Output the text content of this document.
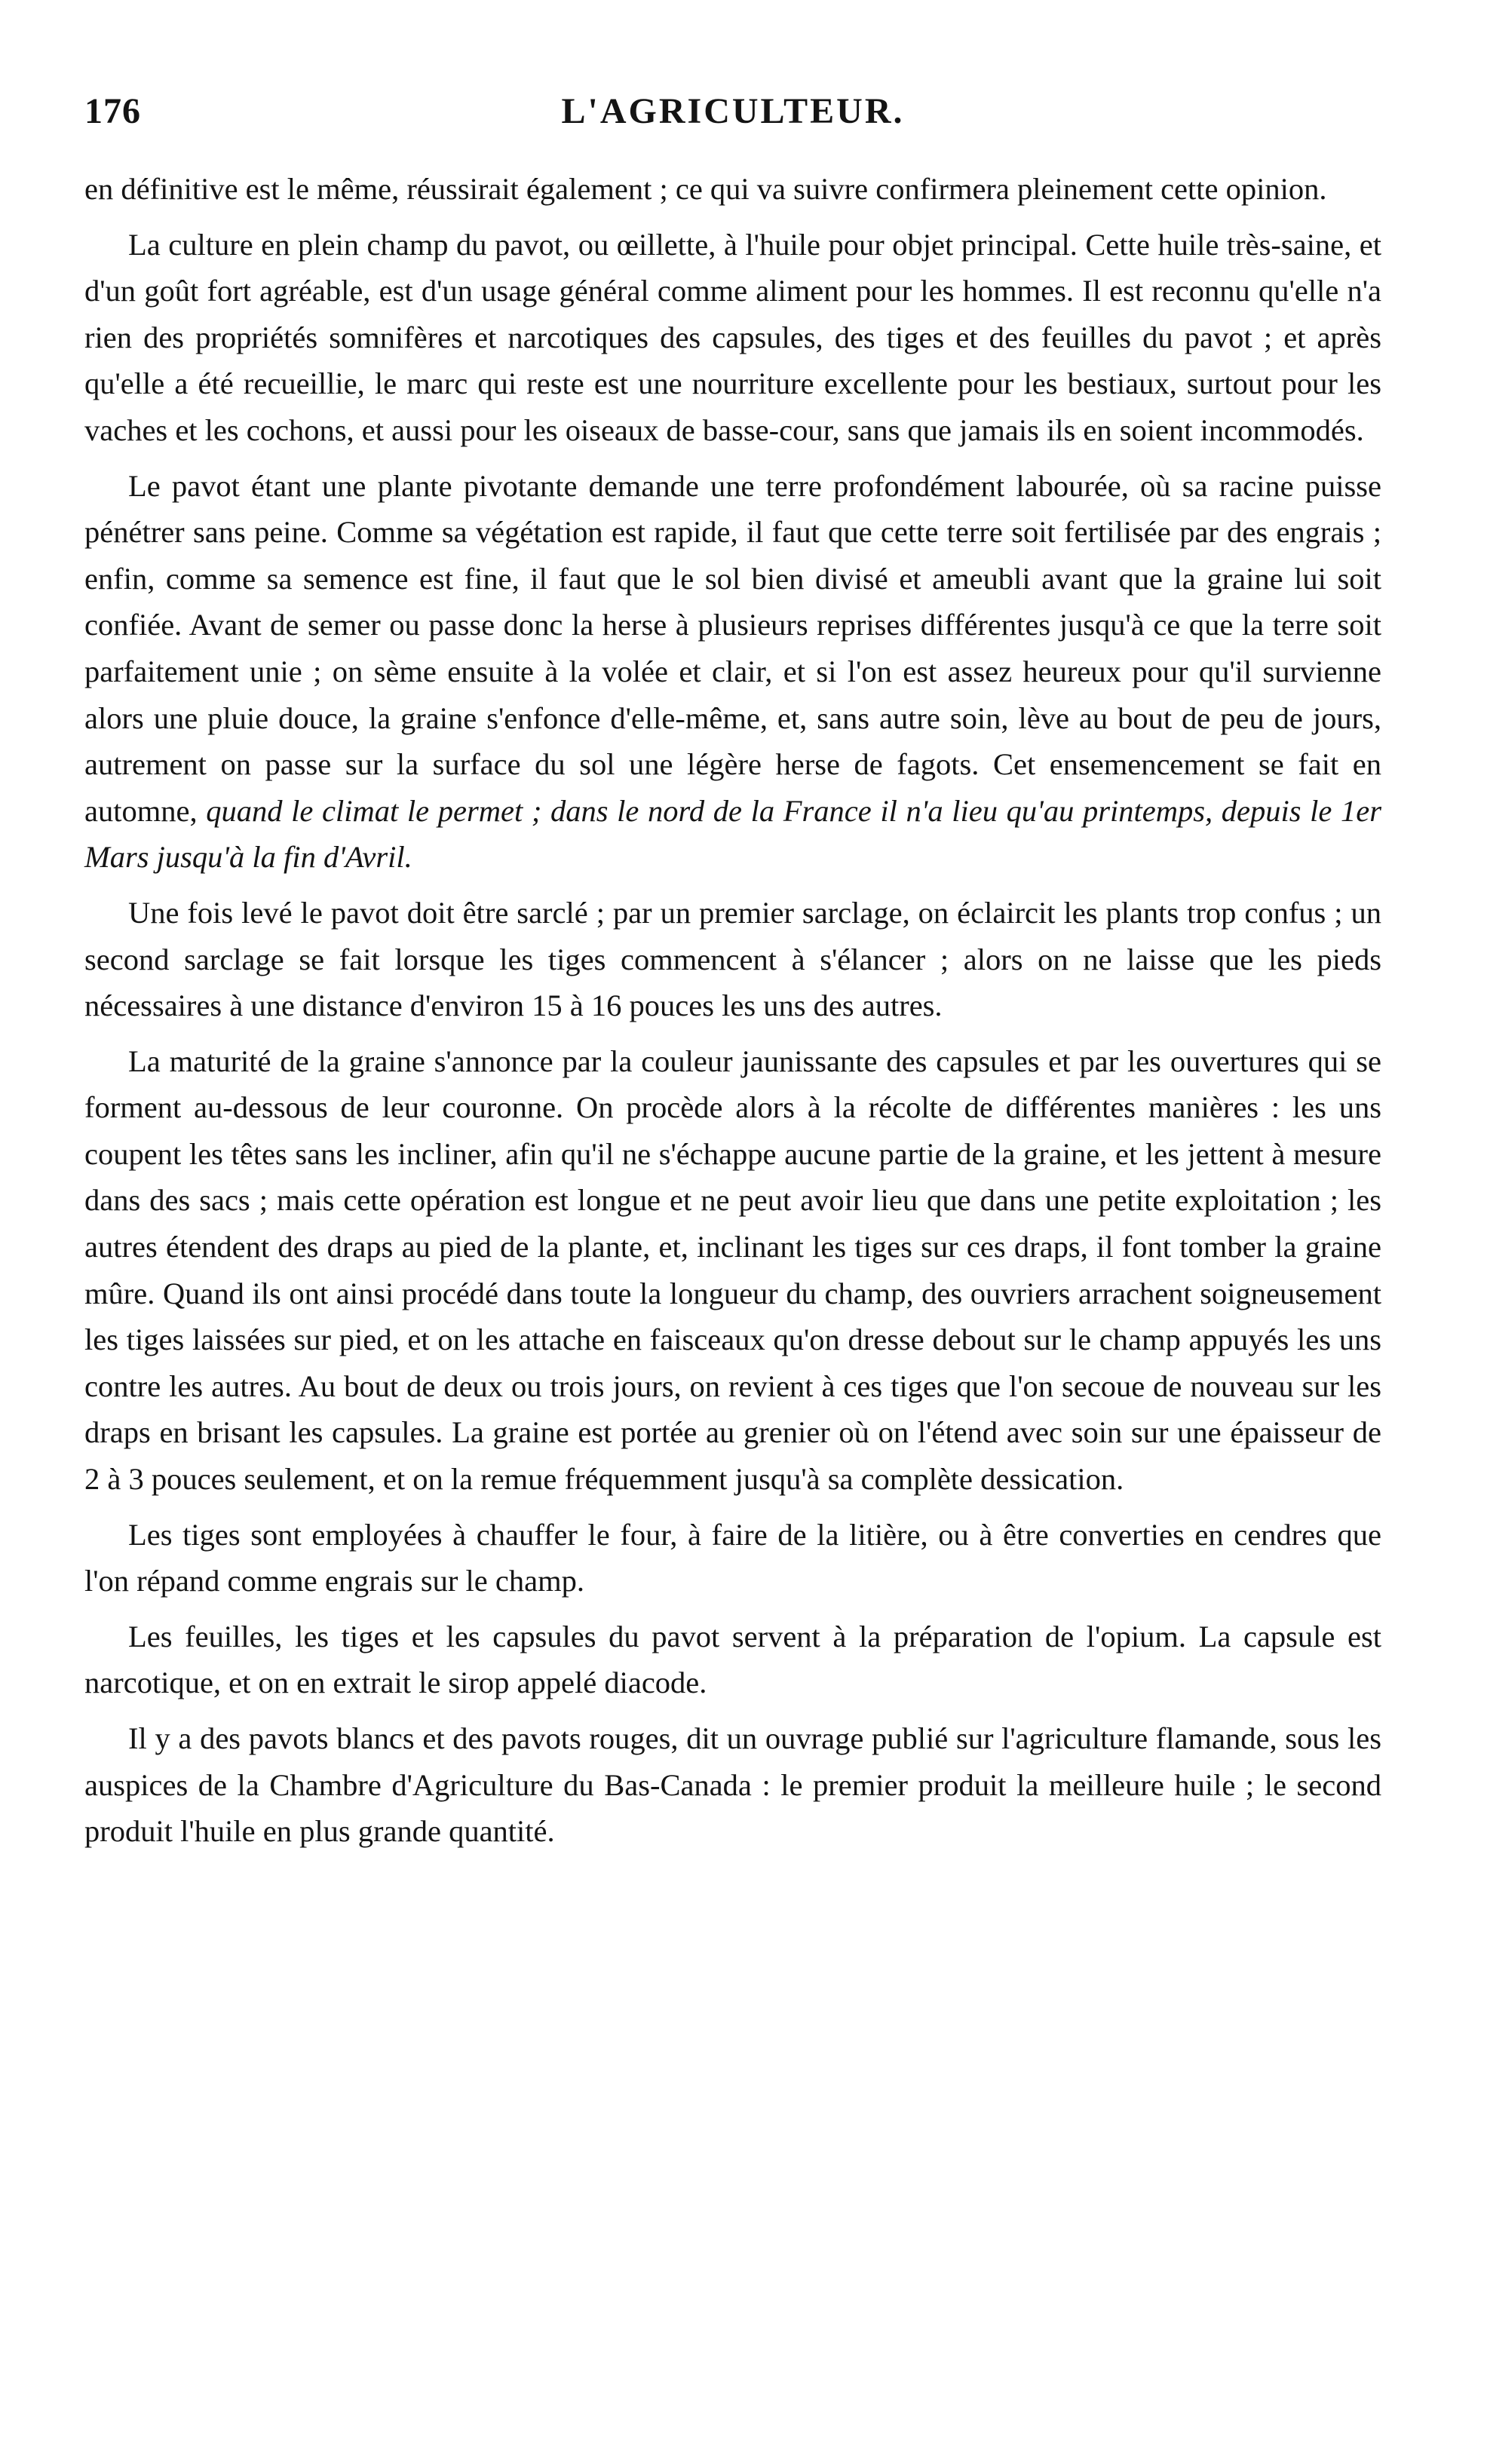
176	L'AGRICULTEUR.

en définitive est le même, réussirait également ; ce qui va suivre confirmera pleinement cette opinion.

La culture en plein champ du pavot, ou œillette, à l'huile pour objet principal. Cette huile très-saine, et d'un goût fort agréable, est d'un usage général comme aliment pour les hommes. Il est reconnu qu'elle n'a rien des propriétés somnifères et narcotiques des capsules, des tiges et des feuilles du pavot ; et après qu'elle a été recueillie, le marc qui reste est une nourriture excellente pour les bestiaux, surtout pour les vaches et les cochons, et aussi pour les oiseaux de basse-cour, sans que jamais ils en soient incommodés.

Le pavot étant une plante pivotante demande une terre profondément labourée, où sa racine puisse pénétrer sans peine. Comme sa végétation est rapide, il faut que cette terre soit fertilisée par des engrais ; enfin, comme sa semence est fine, il faut que le sol bien divisé et ameubli avant que la graine lui soit confiée. Avant de semer ou passe donc la herse à plusieurs reprises différentes jusqu'à ce que la terre soit parfaitement unie ; on sème ensuite à la volée et clair, et si l'on est assez heureux pour qu'il survienne alors une pluie douce, la graine s'enfonce d'elle-même, et, sans autre soin, lève au bout de peu de jours, autrement on passe sur la surface du sol une légère herse de fagots. Cet ensemencement se fait en automne, quand le climat le permet ; dans le nord de la France il n'a lieu qu'au printemps, depuis le 1er Mars jusqu'à la fin d'Avril.

Une fois levé le pavot doit être sarclé ; par un premier sarclage, on éclaircit les plants trop confus ; un second sarclage se fait lorsque les tiges commencent à s'élancer ; alors on ne laisse que les pieds nécessaires à une distance d'environ 15 à 16 pouces les uns des autres.

La maturité de la graine s'annonce par la couleur jaunissante des capsules et par les ouvertures qui se forment au-dessous de leur couronne. On procède alors à la récolte de différentes manières : les uns coupent les têtes sans les incliner, afin qu'il ne s'échappe aucune partie de la graine, et les jettent à mesure dans des sacs ; mais cette opération est longue et ne peut avoir lieu que dans une petite exploitation ; les autres étendent des draps au pied de la plante, et, inclinant les tiges sur ces draps, il font tomber la graine mûre. Quand ils ont ainsi procédé dans toute la longueur du champ, des ouvriers arrachent soigneusement les tiges laissées sur pied, et on les attache en faisceaux qu'on dresse debout sur le champ appuyés les uns contre les autres. Au bout de deux ou trois jours, on revient à ces tiges que l'on secoue de nouveau sur les draps en brisant les capsules. La graine est portée au grenier où on l'étend avec soin sur une épaisseur de 2 à 3 pouces seulement, et on la remue fréquemment jusqu'à sa complète dessication.

Les tiges sont employées à chauffer le four, à faire de la litière, ou à être converties en cendres que l'on répand comme engrais sur le champ.

Les feuilles, les tiges et les capsules du pavot servent à la préparation de l'opium. La capsule est narcotique, et on en extrait le sirop appelé diacode.

Il y a des pavots blancs et des pavots rouges, dit un ouvrage publié sur l'agriculture flamande, sous les auspices de la Chambre d'Agriculture du Bas-Canada : le premier produit la meilleure huile ; le second produit l'huile en plus grande quantité.
